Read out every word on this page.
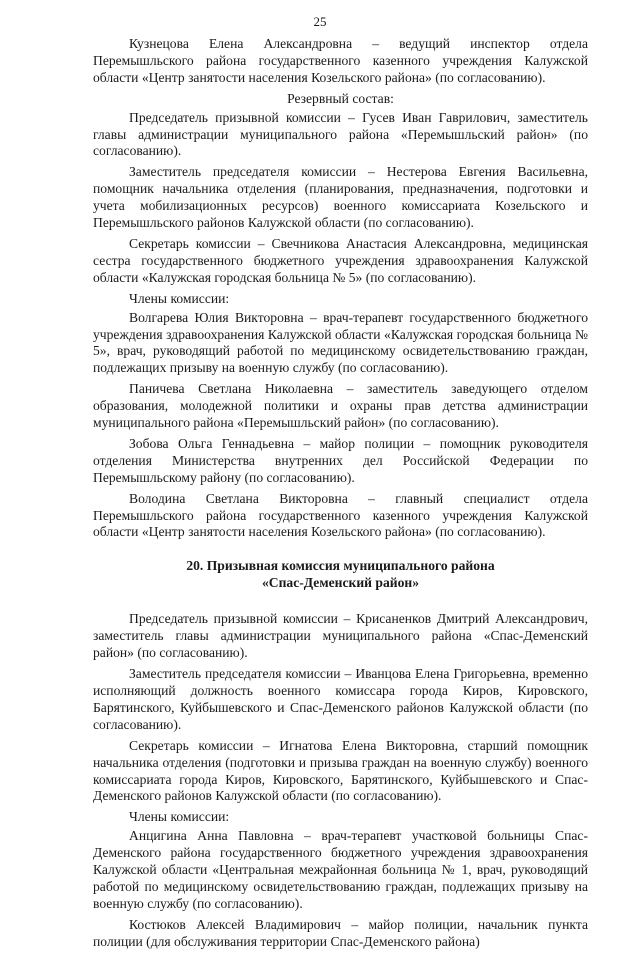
25

Кузнецова Елена Александровна – ведущий инспектор отдела Перемышльского района государственного казенного учреждения Калужской области «Центр занятости населения Козельского района» (по согласованию).

Резервный состав:

Председатель призывной комиссии – Гусев Иван Гаврилович, заместитель главы администрации муниципального района «Перемышльский район» (по согласованию).

Заместитель председателя комиссии – Нестерова Евгения Васильевна, помощник начальника отделения (планирования, предназначения, подготовки и учета мобилизационных ресурсов) военного комиссариата Козельского и Перемышльского районов Калужской области (по согласованию).

Секретарь комиссии – Свечникова Анастасия Александровна, медицинская сестра государственного бюджетного учреждения здравоохранения Калужской области «Калужская городская больница № 5» (по согласованию).

Члены комиссии:

Волгарева Юлия Викторовна – врач-терапевт государственного бюджетного учреждения здравоохранения Калужской области «Калужская городская больница № 5», врач, руководящий работой по медицинскому освидетельствованию граждан, подлежащих призыву на военную службу (по согласованию).

Паничева Светлана Николаевна – заместитель заведующего отделом образования, молодежной политики и охраны прав детства администрации муниципального района «Перемышльский район» (по согласованию).

Зобова Ольга Геннадьевна – майор полиции – помощник руководителя отделения Министерства внутренних дел Российской Федерации по Перемышльскому району (по согласованию).

Володина Светлана Викторовна – главный специалист отдела Перемышльского района государственного казенного учреждения Калужской области «Центр занятости населения Козельского района» (по согласованию).

20. Призывная комиссия муниципального района
«Спас-Деменский район»

Председатель призывной комиссии – Крисаненков Дмитрий Александрович, заместитель главы администрации муниципального района «Спас-Деменский район» (по согласованию).

Заместитель председателя комиссии – Иванцова Елена Григорьевна, временно исполняющий должность военного комиссара города Киров, Кировского, Барятинского, Куйбышевского и Спас-Деменского районов Калужской области (по согласованию).

Секретарь комиссии – Игнатова Елена Викторовна, старший помощник начальника отделения (подготовки и призыва граждан на военную службу) военного комиссариата города Киров, Кировского, Барятинского, Куйбышевского и Спас-Деменского районов Калужской области (по согласованию).

Члены комиссии:

Анцигина Анна Павловна – врач-терапевт участковой больницы Спас-Деменского района государственного бюджетного учреждения здравоохранения Калужской области «Центральная межрайонная больница № 1, врач, руководящий работой по медицинскому освидетельствованию граждан, подлежащих призыву на военную службу (по согласованию).

Костюков Алексей Владимирович – майор полиции, начальник пункта полиции (для обслуживания территории Спас-Деменского района)
